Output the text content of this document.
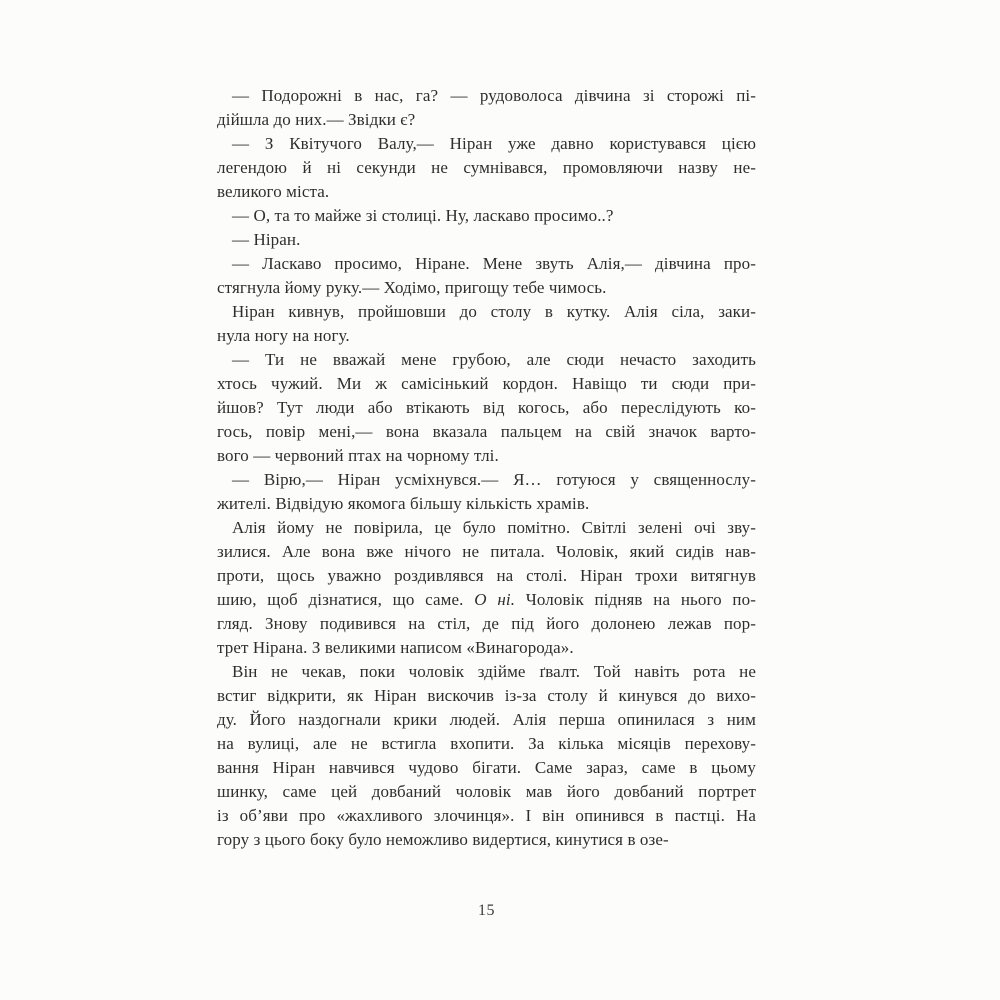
— Подорожні в нас, га? — рудоволоса дівчина зі сторожі пі-
дійшла до них.— Звідки є?
— З Квітучого Валу,— Ніран уже давно користувався цією
легендою й ні секунди не сумнівався, промовляючи назву не-
великого міста.
— О, та то майже зі столиці. Ну, ласкаво просимо..?
— Ніран.
— Ласкаво просимо, Ніране. Мене звуть Алія,— дівчина про-
стягнула йому руку.— Ходімо, пригощу тебе чимось.
Ніран кивнув, пройшовши до столу в кутку. Алія сіла, заки-
нула ногу на ногу.
— Ти не вважай мене грубою, але сюди нечасто заходить
хтось чужий. Ми ж самісінький кордон. Навіщо ти сюди при-
йшов? Тут люди або втікають від когось, або переслідують ко-
гось, повір мені,— вона вказала пальцем на свій значок варто-
вого — червоний птах на чорному тлі.
— Вірю,— Ніран усміхнувся.— Я… готуюся у священнослу-
жителі. Відвідую якомога більшу кількість храмів.
Алія йому не повірила, це було помітно. Світлі зелені очі зву-
зилися. Але вона вже нічого не питала. Чоловік, який сидів нав-
проти, щось уважно роздивлявся на столі. Ніран трохи витягнув
шию, щоб дізнатися, що саме. О ні. Чоловік підняв на нього по-
гляд. Знову подивився на стіл, де під його долонею лежав пор-
трет Нірана. З великими написом «Винагорода».
Він не чекав, поки чоловік здійме ґвалт. Той навіть рота не
встиг відкрити, як Ніран вискочив із-за столу й кинувся до вихо-
ду. Його наздогнали крики людей. Алія перша опинилася з ним
на вулиці, але не встигла вхопити. За кілька місяців перехову-
вання Ніран навчився чудово бігати. Саме зараз, саме в цьому
шинку, саме цей довбаний чоловік мав його довбаний портрет
із об’яви про «жахливого злочинця». І він опинився в пастці. На
гору з цього боку було неможливо видертися, кинутися в озе-
15
